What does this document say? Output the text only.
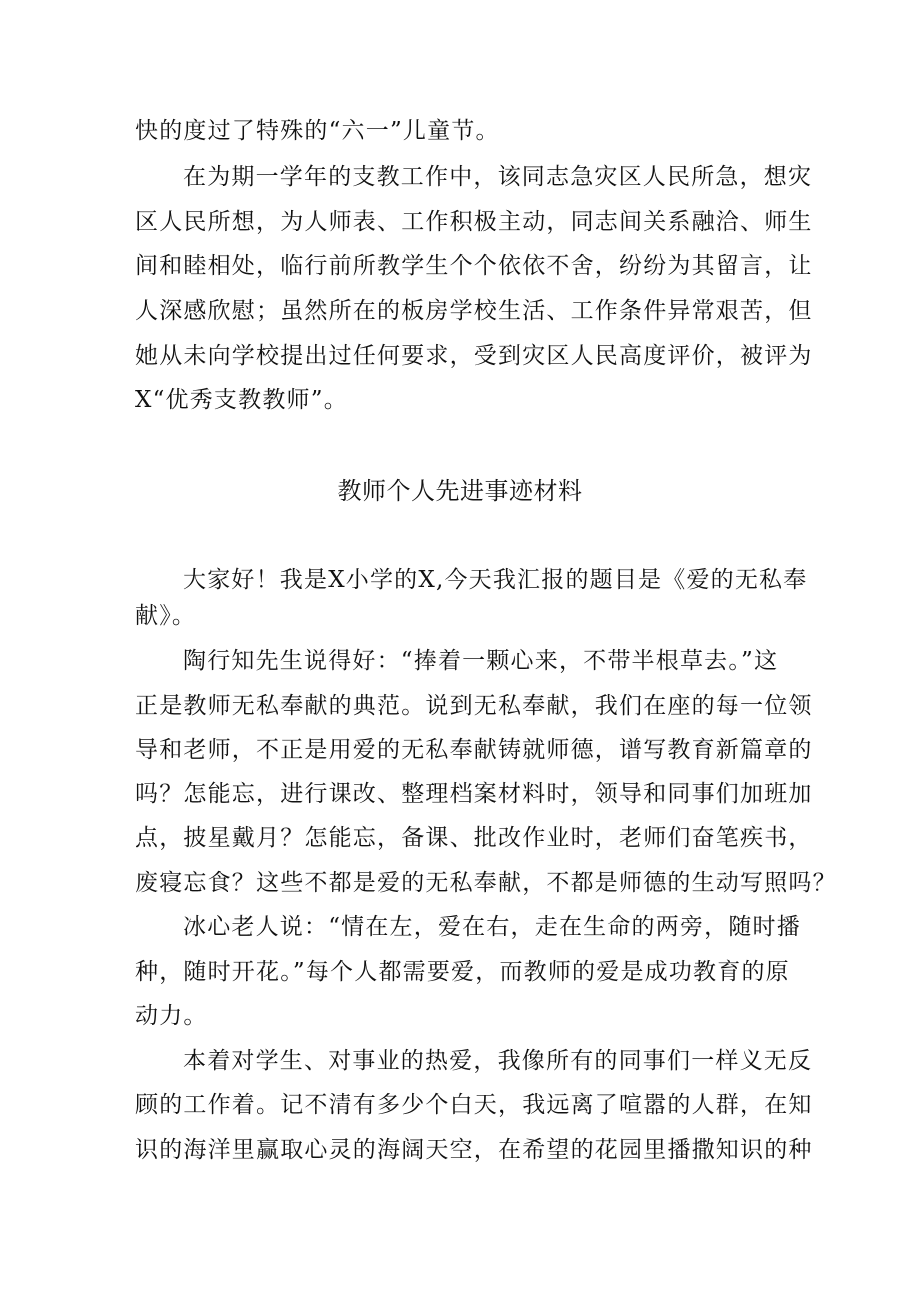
快的度过了特殊的“六一”儿童节。
在为期一学年的支教工作中，该同志急灾区人民所急，想灾
区人民所想，为人师表、工作积极主动，同志间关系融洽、师生
间和睦相处，临行前所教学生个个依依不舍，纷纷为其留言，让
人深感欣慰；虽然所在的板房学校生活、工作条件异常艰苦，但
她从未向学校提出过任何要求，受到灾区人民高度评价，被评为
X“优秀支教教师”。
教师个人先进事迹材料
大家好！我是X小学的X,今天我汇报的题目是《爱的无私奉
献》。
陶行知先生说得好：“捧着一颗心来，不带半根草去。”这
正是教师无私奉献的典范。说到无私奉献，我们在座的每一位领
导和老师，不正是用爱的无私奉献铸就师德，谱写教育新篇章的
吗？怎能忘，进行课改、整理档案材料时，领导和同事们加班加
点，披星戴月？怎能忘，备课、批改作业时，老师们奋笔疾书，
废寝忘食？这些不都是爱的无私奉献，不都是师德的生动写照吗？
冰心老人说：“情在左，爱在右，走在生命的两旁，随时播
种，随时开花。”每个人都需要爱，而教师的爱是成功教育的原
动力。
本着对学生、对事业的热爱，我像所有的同事们一样义无反
顾的工作着。记不清有多少个白天，我远离了喧嚣的人群，在知
识的海洋里赢取心灵的海阔天空，在希望的花园里播撒知识的种
